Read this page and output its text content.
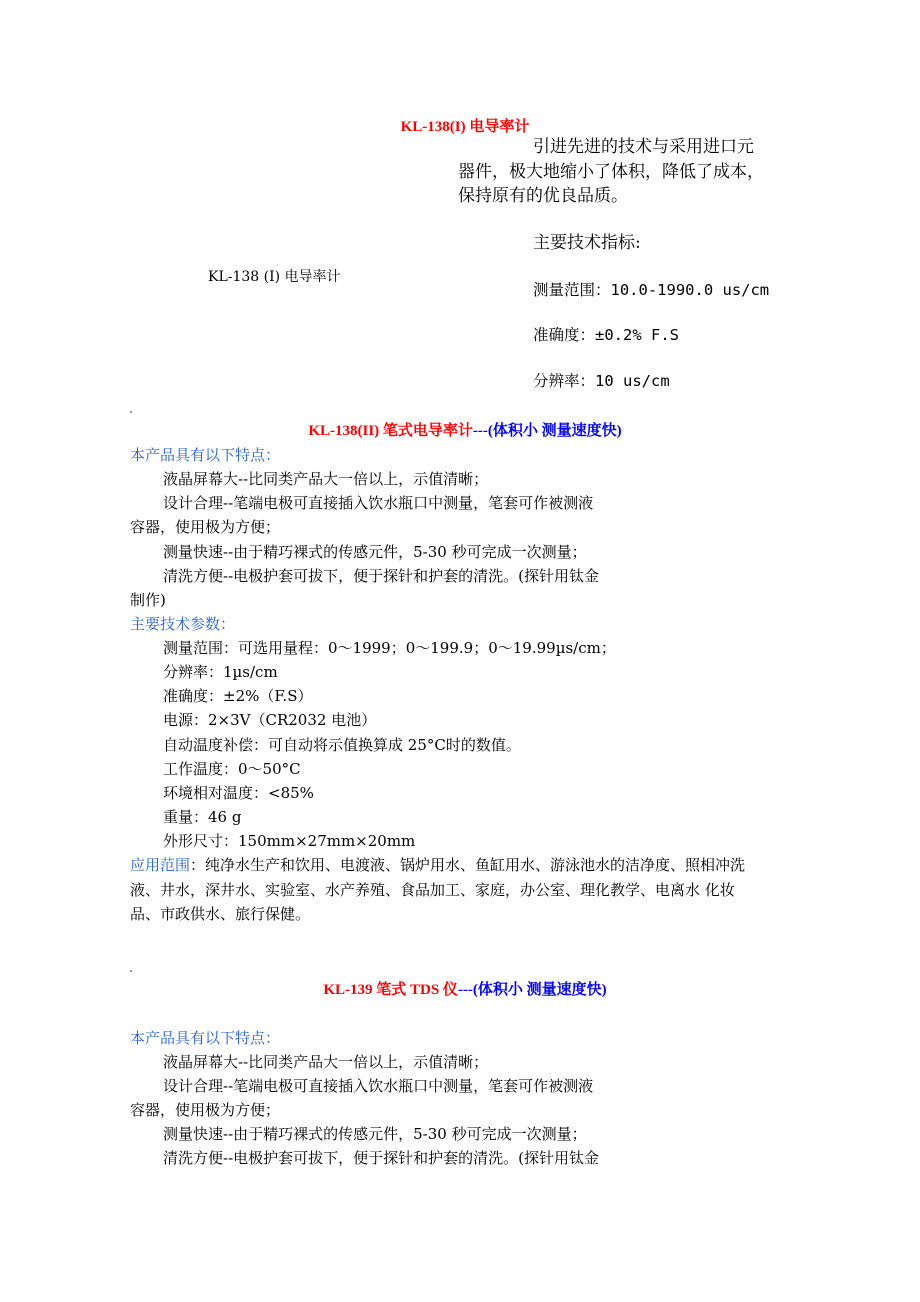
KL-138(I) 电导率计
引进先进的技术与采用进口元
器件，极大地缩小了体积，降低了成本，
保持原有的优良品质。
KL-138 (I) 电导率计
主要技术指标:
测量范围：10.0-1990.0 us/cm
准确度：±0.2% F.S
分辨率：10 us/cm
KL-138(II) 笔式电导率计---(体积小 测量速度快)
本产品具有以下特点：
液晶屏幕大--比同类产品大一倍以上，示值清晰；
设计合理--笔端电极可直接插入饮水瓶口中测量，笔套可作被测液
容器，使用极为方便；
测量快速--由于精巧裸式的传感元件，5-30 秒可完成一次测量；
清洗方便--电极护套可拔下，便于探针和护套的清洗。(探针用钛金
制作)
主要技术参数：
测量范围：可选用量程：0～1999；0～199.9；0～19.99µs/cm；
分辨率：1µs/cm
准确度：±2%（F.S）
电源：2×3V（CR2032 电池）
自动温度补偿：可自动将示值换算成 25°C时的数值。
工作温度：0～50°C
环境相对温度：<85%
重量：46 g
外形尺寸：150mm×27mm×20mm
应用范围：纯净水生产和饮用、电渡液、锅炉用水、鱼缸用水、游泳池水的洁净度、照相冲洗
液、井水，深井水、实验室、水产养殖、食品加工、家庭，办公室、理化教学、电离水 化妆
品、市政供水、旅行保健。
KL-139 笔式 TDS 仪---(体积小 测量速度快)
本产品具有以下特点：
液晶屏幕大--比同类产品大一倍以上，示值清晰；
设计合理--笔端电极可直接插入饮水瓶口中测量，笔套可作被测液
容器，使用极为方便；
测量快速--由于精巧裸式的传感元件，5-30 秒可完成一次测量；
清洗方便--电极护套可拔下，便于探针和护套的清洗。(探针用钛金
